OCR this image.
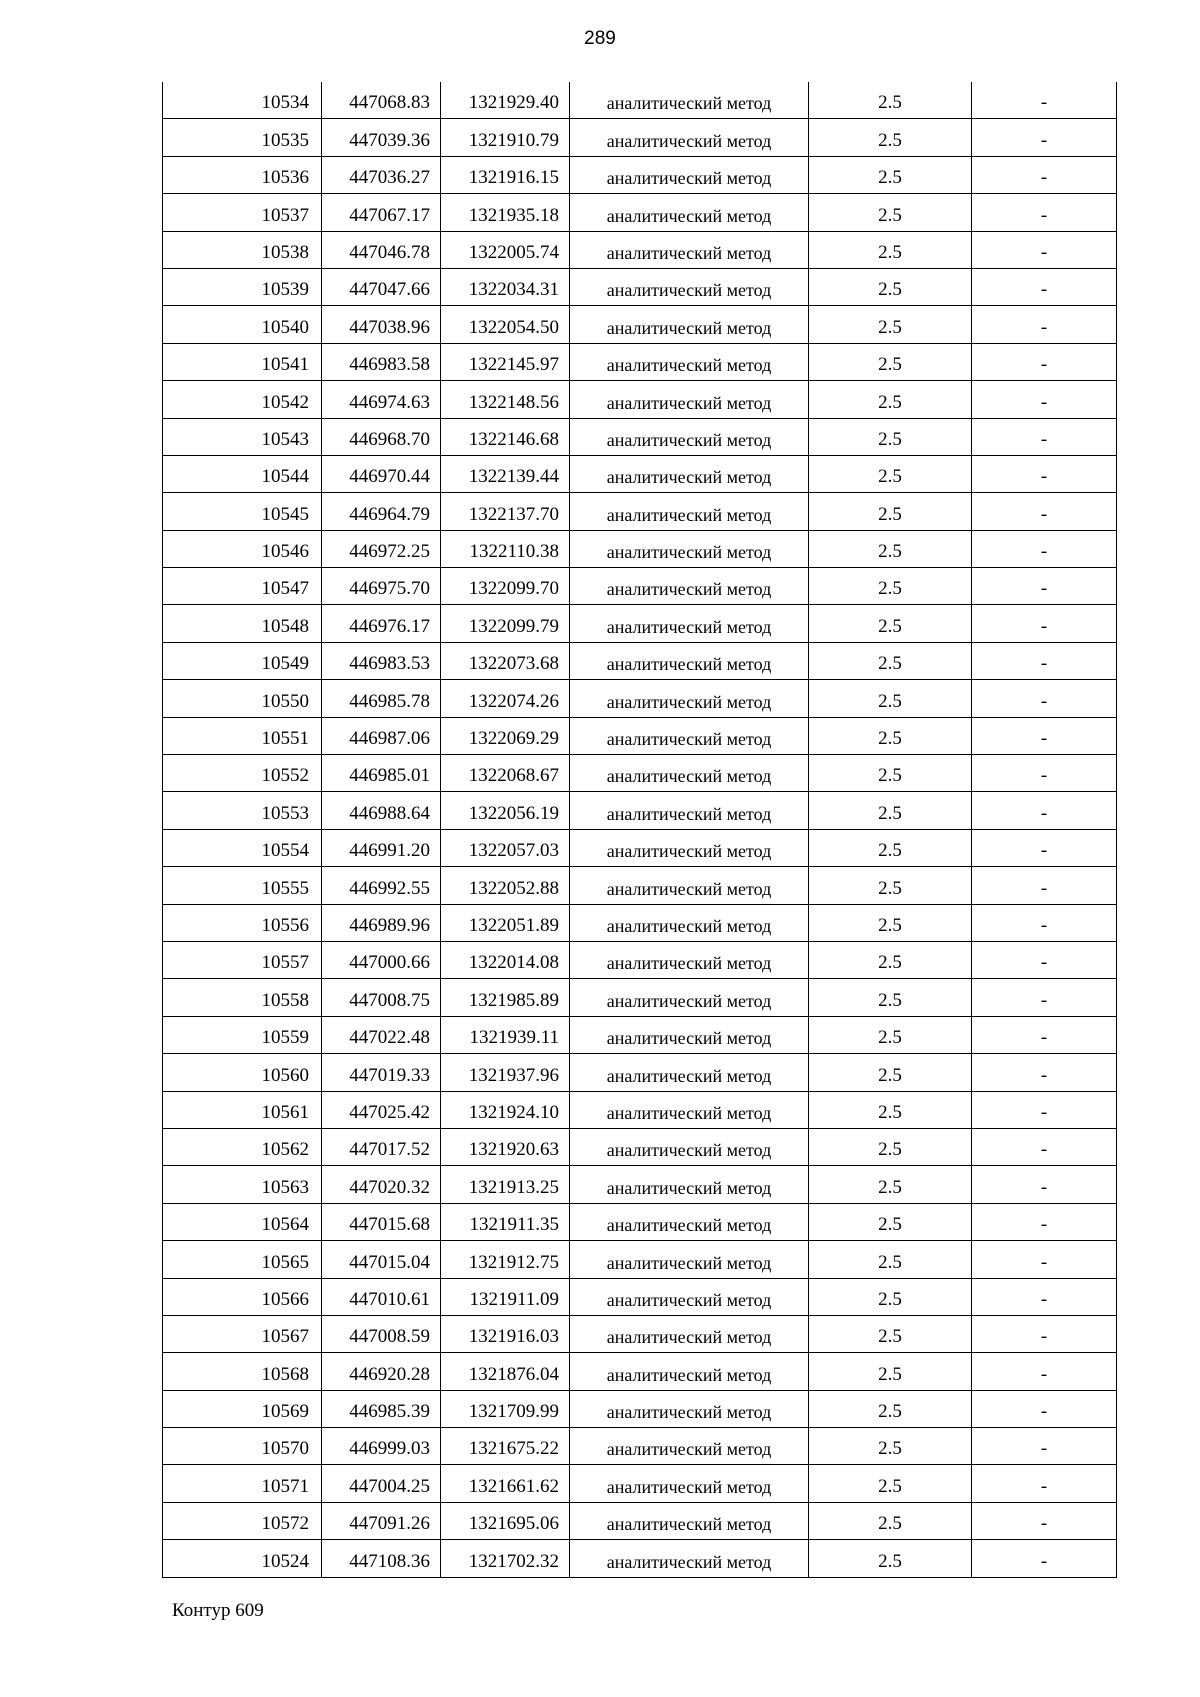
289
10534	447068.83	1321929.40	аналитический метод	2.5	-
10535	447039.36	1321910.79	аналитический метод	2.5	-
10536	447036.27	1321916.15	аналитический метод	2.5	-
10537	447067.17	1321935.18	аналитический метод	2.5	-
10538	447046.78	1322005.74	аналитический метод	2.5	-
10539	447047.66	1322034.31	аналитический метод	2.5	-
10540	447038.96	1322054.50	аналитический метод	2.5	-
10541	446983.58	1322145.97	аналитический метод	2.5	-
10542	446974.63	1322148.56	аналитический метод	2.5	-
10543	446968.70	1322146.68	аналитический метод	2.5	-
10544	446970.44	1322139.44	аналитический метод	2.5	-
10545	446964.79	1322137.70	аналитический метод	2.5	-
10546	446972.25	1322110.38	аналитический метод	2.5	-
10547	446975.70	1322099.70	аналитический метод	2.5	-
10548	446976.17	1322099.79	аналитический метод	2.5	-
10549	446983.53	1322073.68	аналитический метод	2.5	-
10550	446985.78	1322074.26	аналитический метод	2.5	-
10551	446987.06	1322069.29	аналитический метод	2.5	-
10552	446985.01	1322068.67	аналитический метод	2.5	-
10553	446988.64	1322056.19	аналитический метод	2.5	-
10554	446991.20	1322057.03	аналитический метод	2.5	-
10555	446992.55	1322052.88	аналитический метод	2.5	-
10556	446989.96	1322051.89	аналитический метод	2.5	-
10557	447000.66	1322014.08	аналитический метод	2.5	-
10558	447008.75	1321985.89	аналитический метод	2.5	-
10559	447022.48	1321939.11	аналитический метод	2.5	-
10560	447019.33	1321937.96	аналитический метод	2.5	-
10561	447025.42	1321924.10	аналитический метод	2.5	-
10562	447017.52	1321920.63	аналитический метод	2.5	-
10563	447020.32	1321913.25	аналитический метод	2.5	-
10564	447015.68	1321911.35	аналитический метод	2.5	-
10565	447015.04	1321912.75	аналитический метод	2.5	-
10566	447010.61	1321911.09	аналитический метод	2.5	-
10567	447008.59	1321916.03	аналитический метод	2.5	-
10568	446920.28	1321876.04	аналитический метод	2.5	-
10569	446985.39	1321709.99	аналитический метод	2.5	-
10570	446999.03	1321675.22	аналитический метод	2.5	-
10571	447004.25	1321661.62	аналитический метод	2.5	-
10572	447091.26	1321695.06	аналитический метод	2.5	-
10524	447108.36	1321702.32	аналитический метод	2.5	-
Контур 609
